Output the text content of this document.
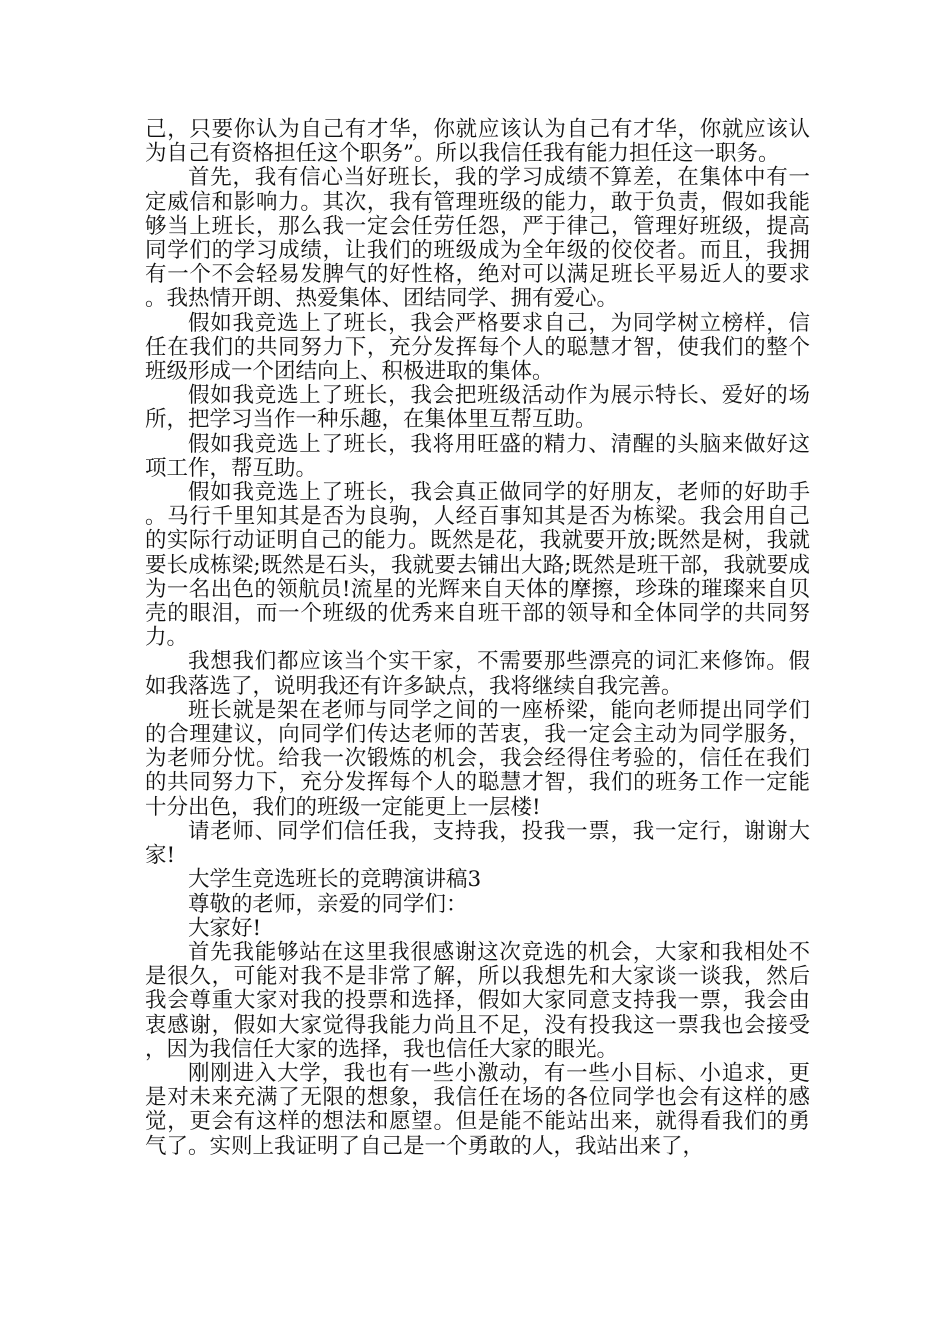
己，只要你认为自己有才华，你就应该认为自己有才华，你就应该认为自己有资格担任这个职务”。所以我信任我有能力担任这一职务。

首先，我有信心当好班长，我的学习成绩不算差，在集体中有一定威信和影响力。其次，我有管理班级的能力，敢于负责，假如我能够当上班长，那么我一定会任劳任怨，严于律己，管理好班级，提高同学们的学习成绩，让我们的班级成为全年级的佼佼者。而且，我拥有一个不会轻易发脾气的好性格，绝对可以满足班长平易近人的要求。我热情开朗、热爱集体、团结同学、拥有爱心。

假如我竞选上了班长，我会严格要求自己，为同学树立榜样，信任在我们的共同努力下，充分发挥每个人的聪慧才智，使我们的整个班级形成一个团结向上、积极进取的集体。

假如我竞选上了班长，我会把班级活动作为展示特长、爱好的场所，把学习当作一种乐趣，在集体里互帮互助。

假如我竞选上了班长，我将用旺盛的精力、清醒的头脑来做好这项工作，帮互助。

假如我竞选上了班长，我会真正做同学的好朋友，老师的好助手。马行千里知其是否为良驹，人经百事知其是否为栋梁。我会用自己的实际行动证明自己的能力。既然是花，我就要开放;既然是树，我就要长成栋梁;既然是石头，我就要去铺出大路;既然是班干部，我就要成为一名出色的领航员!流星的光辉来自天体的摩擦，珍珠的璀璨来自贝壳的眼泪，而一个班级的优秀来自班干部的领导和全体同学的共同努力。

我想我们都应该当个实干家，不需要那些漂亮的词汇来修饰。假如我落选了，说明我还有许多缺点，我将继续自我完善。

班长就是架在老师与同学之间的一座桥梁，能向老师提出同学们的合理建议，向同学们传达老师的苦衷，我一定会主动为同学服务，为老师分忧。给我一次锻炼的机会，我会经得住考验的，信任在我们的共同努力下，充分发挥每个人的聪慧才智，我们的班务工作一定能十分出色，我们的班级一定能更上一层楼!

请老师、同学们信任我，支持我，投我一票，我一定行，谢谢大家!

大学生竞选班长的竞聘演讲稿3

尊敬的老师，亲爱的同学们：

大家好!

首先我能够站在这里我很感谢这次竞选的机会，大家和我相处不是很久，可能对我不是非常了解，所以我想先和大家谈一谈我，然后我会尊重大家对我的投票和选择，假如大家同意支持我一票，我会由衷感谢，假如大家觉得我能力尚且不足，没有投我这一票我也会接受，因为我信任大家的选择，我也信任大家的眼光。

刚刚进入大学，我也有一些小激动，有一些小目标、小追求，更是对未来充满了无限的想象，我信任在场的各位同学也会有这样的感觉，更会有这样的想法和愿望。但是能不能站出来，就得看我们的勇气了。实则上我证明了自己是一个勇敢的人，我站出来了，
